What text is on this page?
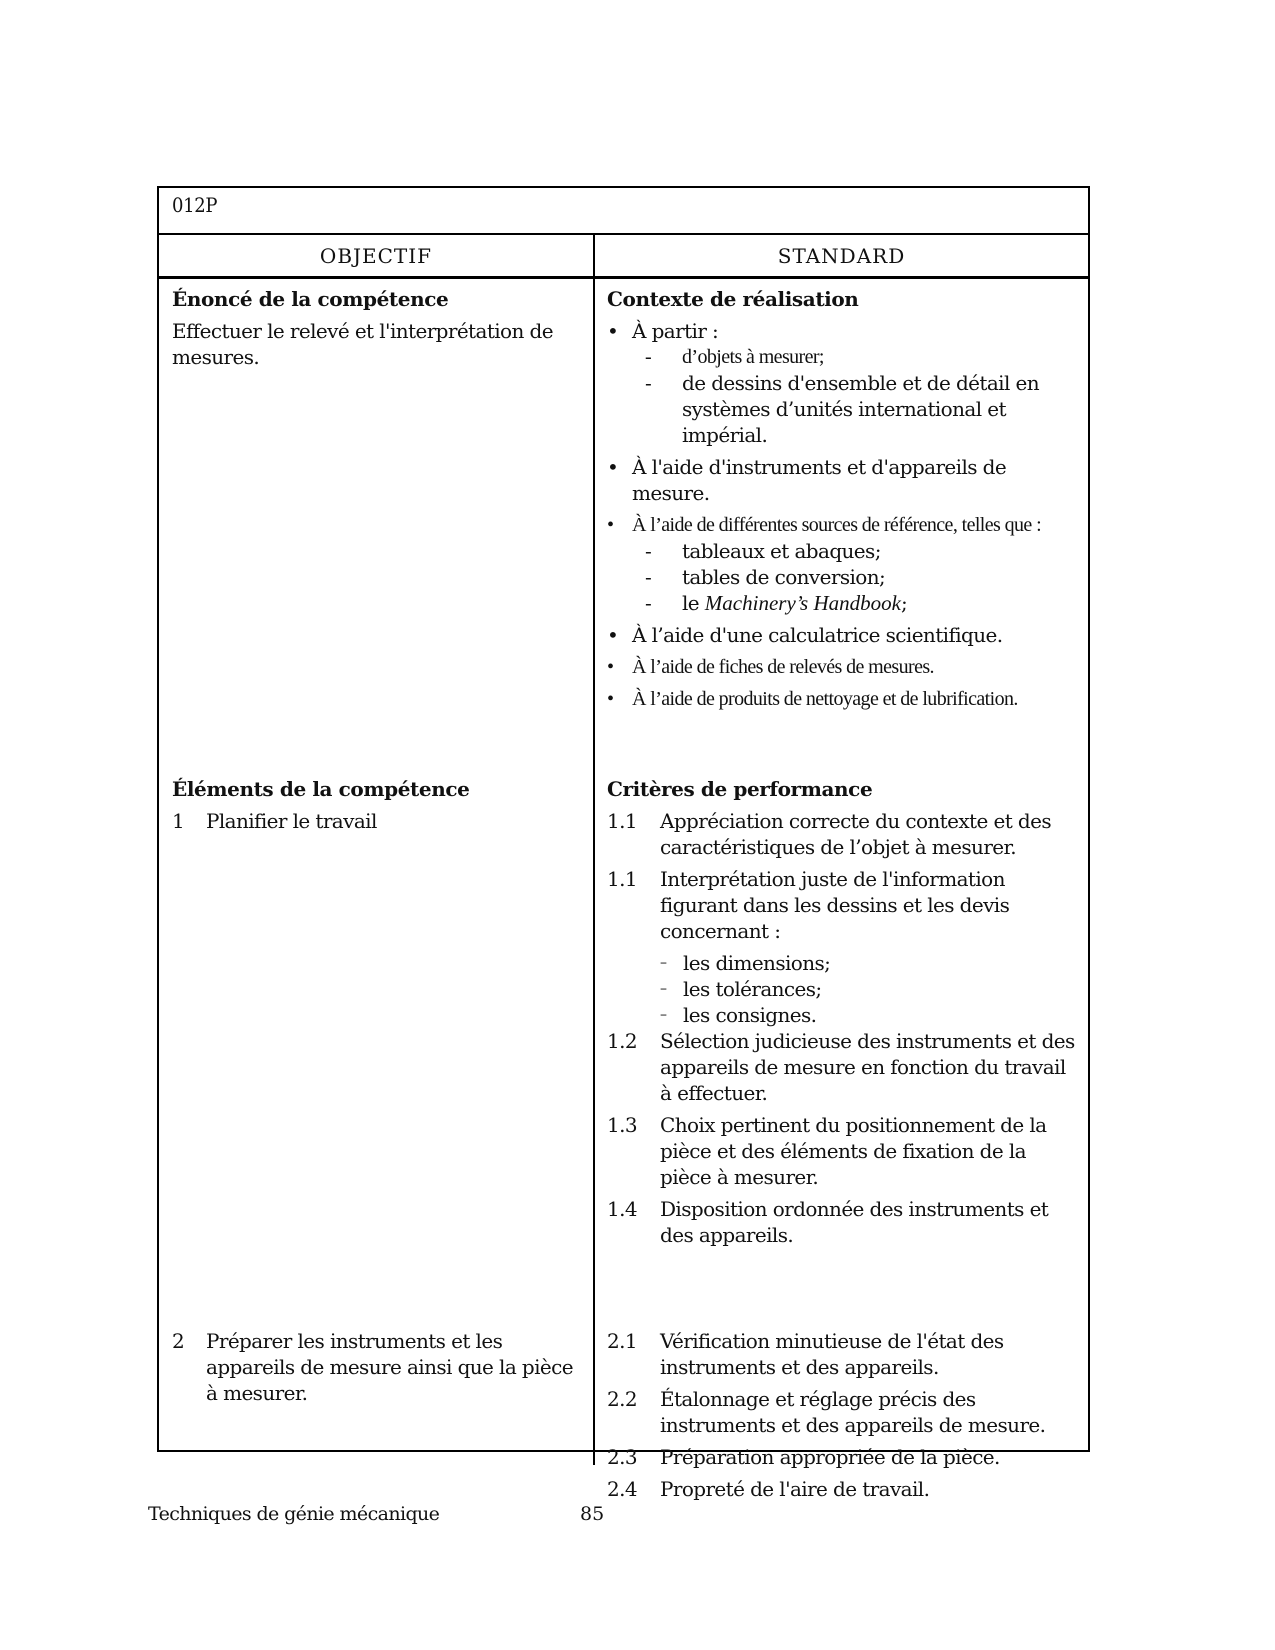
012P
OBJECTIF	STANDARD
Énoncé de la compétence
Effectuer le relevé et l'interprétation de mesures.
Éléments de la compétence
1 Planifier le travail
2 Préparer les instruments et les appareils de mesure ainsi que la pièce à mesurer.
Contexte de réalisation
• À partir :
- d’objets à mesurer;
- de dessins d'ensemble et de détail en systèmes d’unités international et impérial.
• À l'aide d'instruments et d'appareils de mesure.
• À l’aide de différentes sources de référence, telles que :
- tableaux et abaques;
- tables de conversion;
- le Machinery’s Handbook;
• À l’aide d'une calculatrice scientifique.
• À l’aide de fiches de relevés de mesures.
• À l’aide de produits de nettoyage et de lubrification.
Critères de performance
1.1 Appréciation correcte du contexte et des caractéristiques de l’objet à mesurer.
1.1 Interprétation juste de l'information figurant dans les dessins et les devis concernant :
– les dimensions;
– les tolérances;
– les consignes.
1.2 Sélection judicieuse des instruments et des appareils de mesure en fonction du travail à effectuer.
1.3 Choix pertinent du positionnement de la pièce et des éléments de fixation de la pièce à mesurer.
1.4 Disposition ordonnée des instruments et des appareils.
2.1 Vérification minutieuse de l'état des instruments et des appareils.
2.2 Étalonnage et réglage précis des instruments et des appareils de mesure.
2.3 Préparation appropriée de la pièce.
2.4 Propreté de l'aire de travail.
Techniques de génie mécanique	85
